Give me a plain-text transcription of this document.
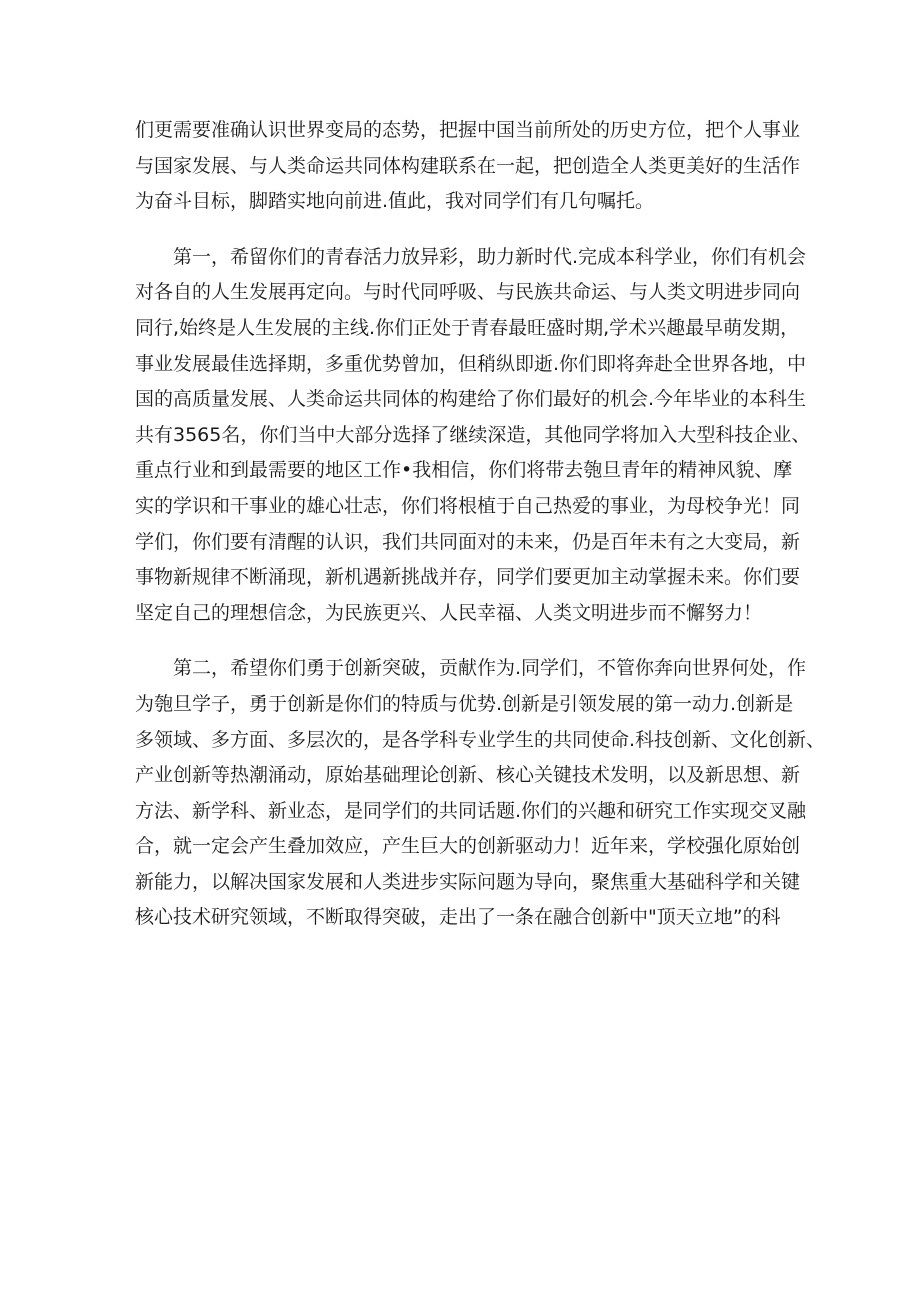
们更需要准确认识世界变局的态势，把握中国当前所处的历史方位，把个人事业
与国家发展、与人类命运共同体构建联系在一起，把创造全人类更美好的生活作
为奋斗目标，脚踏实地向前进.值此，我对同学们有几句嘱托。
　　第一，希留你们的青春活力放异彩，助力新时代.完成本科学业，你们有机会
对各自的人生发展再定向。与时代同呼吸、与民族共命运、与人类文明进步同向
同行,始终是人生发展的主线.你们正处于青春最旺盛时期,学术兴趣最早萌发期，
事业发展最佳选择期，多重优势曾加，但稍纵即逝.你们即将奔赴全世界各地，中
国的高质量发展、人类命运共同体的构建给了你们最好的机会.今年毕业的本科生
共有3565名，你们当中大部分选择了继续深造，其他同学将加入大型科技企业、
重点行业和到最需要的地区工作•我相信，你们将带去匏旦青年的精神风貌、摩
实的学识和干事业的雄心壮志，你们将根植于自己热爱的事业，为母校争光！同
学们，你们要有清醒的认识，我们共同面对的未来，仍是百年未有之大变局，新
事物新规律不断涌现，新机遇新挑战并存，同学们要更加主动掌握未来。你们要
坚定自己的理想信念，为民族更兴、人民幸福、人类文明进步而不懈努力！
　　第二，希望你们勇于创新突破，贡献作为.同学们，不管你奔向世界何处，作
为匏旦学子，勇于创新是你们的特质与优势.创新是引领发展的第一动力.创新是
多领域、多方面、多层次的，是各学科专业学生的共同使命.科技创新、文化创新、
产业创新等热潮涌动，原始基础理论创新、核心关键技术发明，以及新思想、新
方法、新学科、新业态，是同学们的共同话题.你们的兴趣和研究工作实现交叉融
合，就一定会产生叠加效应，产生巨大的创新驱动力！近年来，学校强化原始创
新能力，以解决国家发展和人类进步实际问题为导向，聚焦重大基础科学和关键
核心技术研究领域，不断取得突破，走出了一条在融合创新中"顶天立地”的科
